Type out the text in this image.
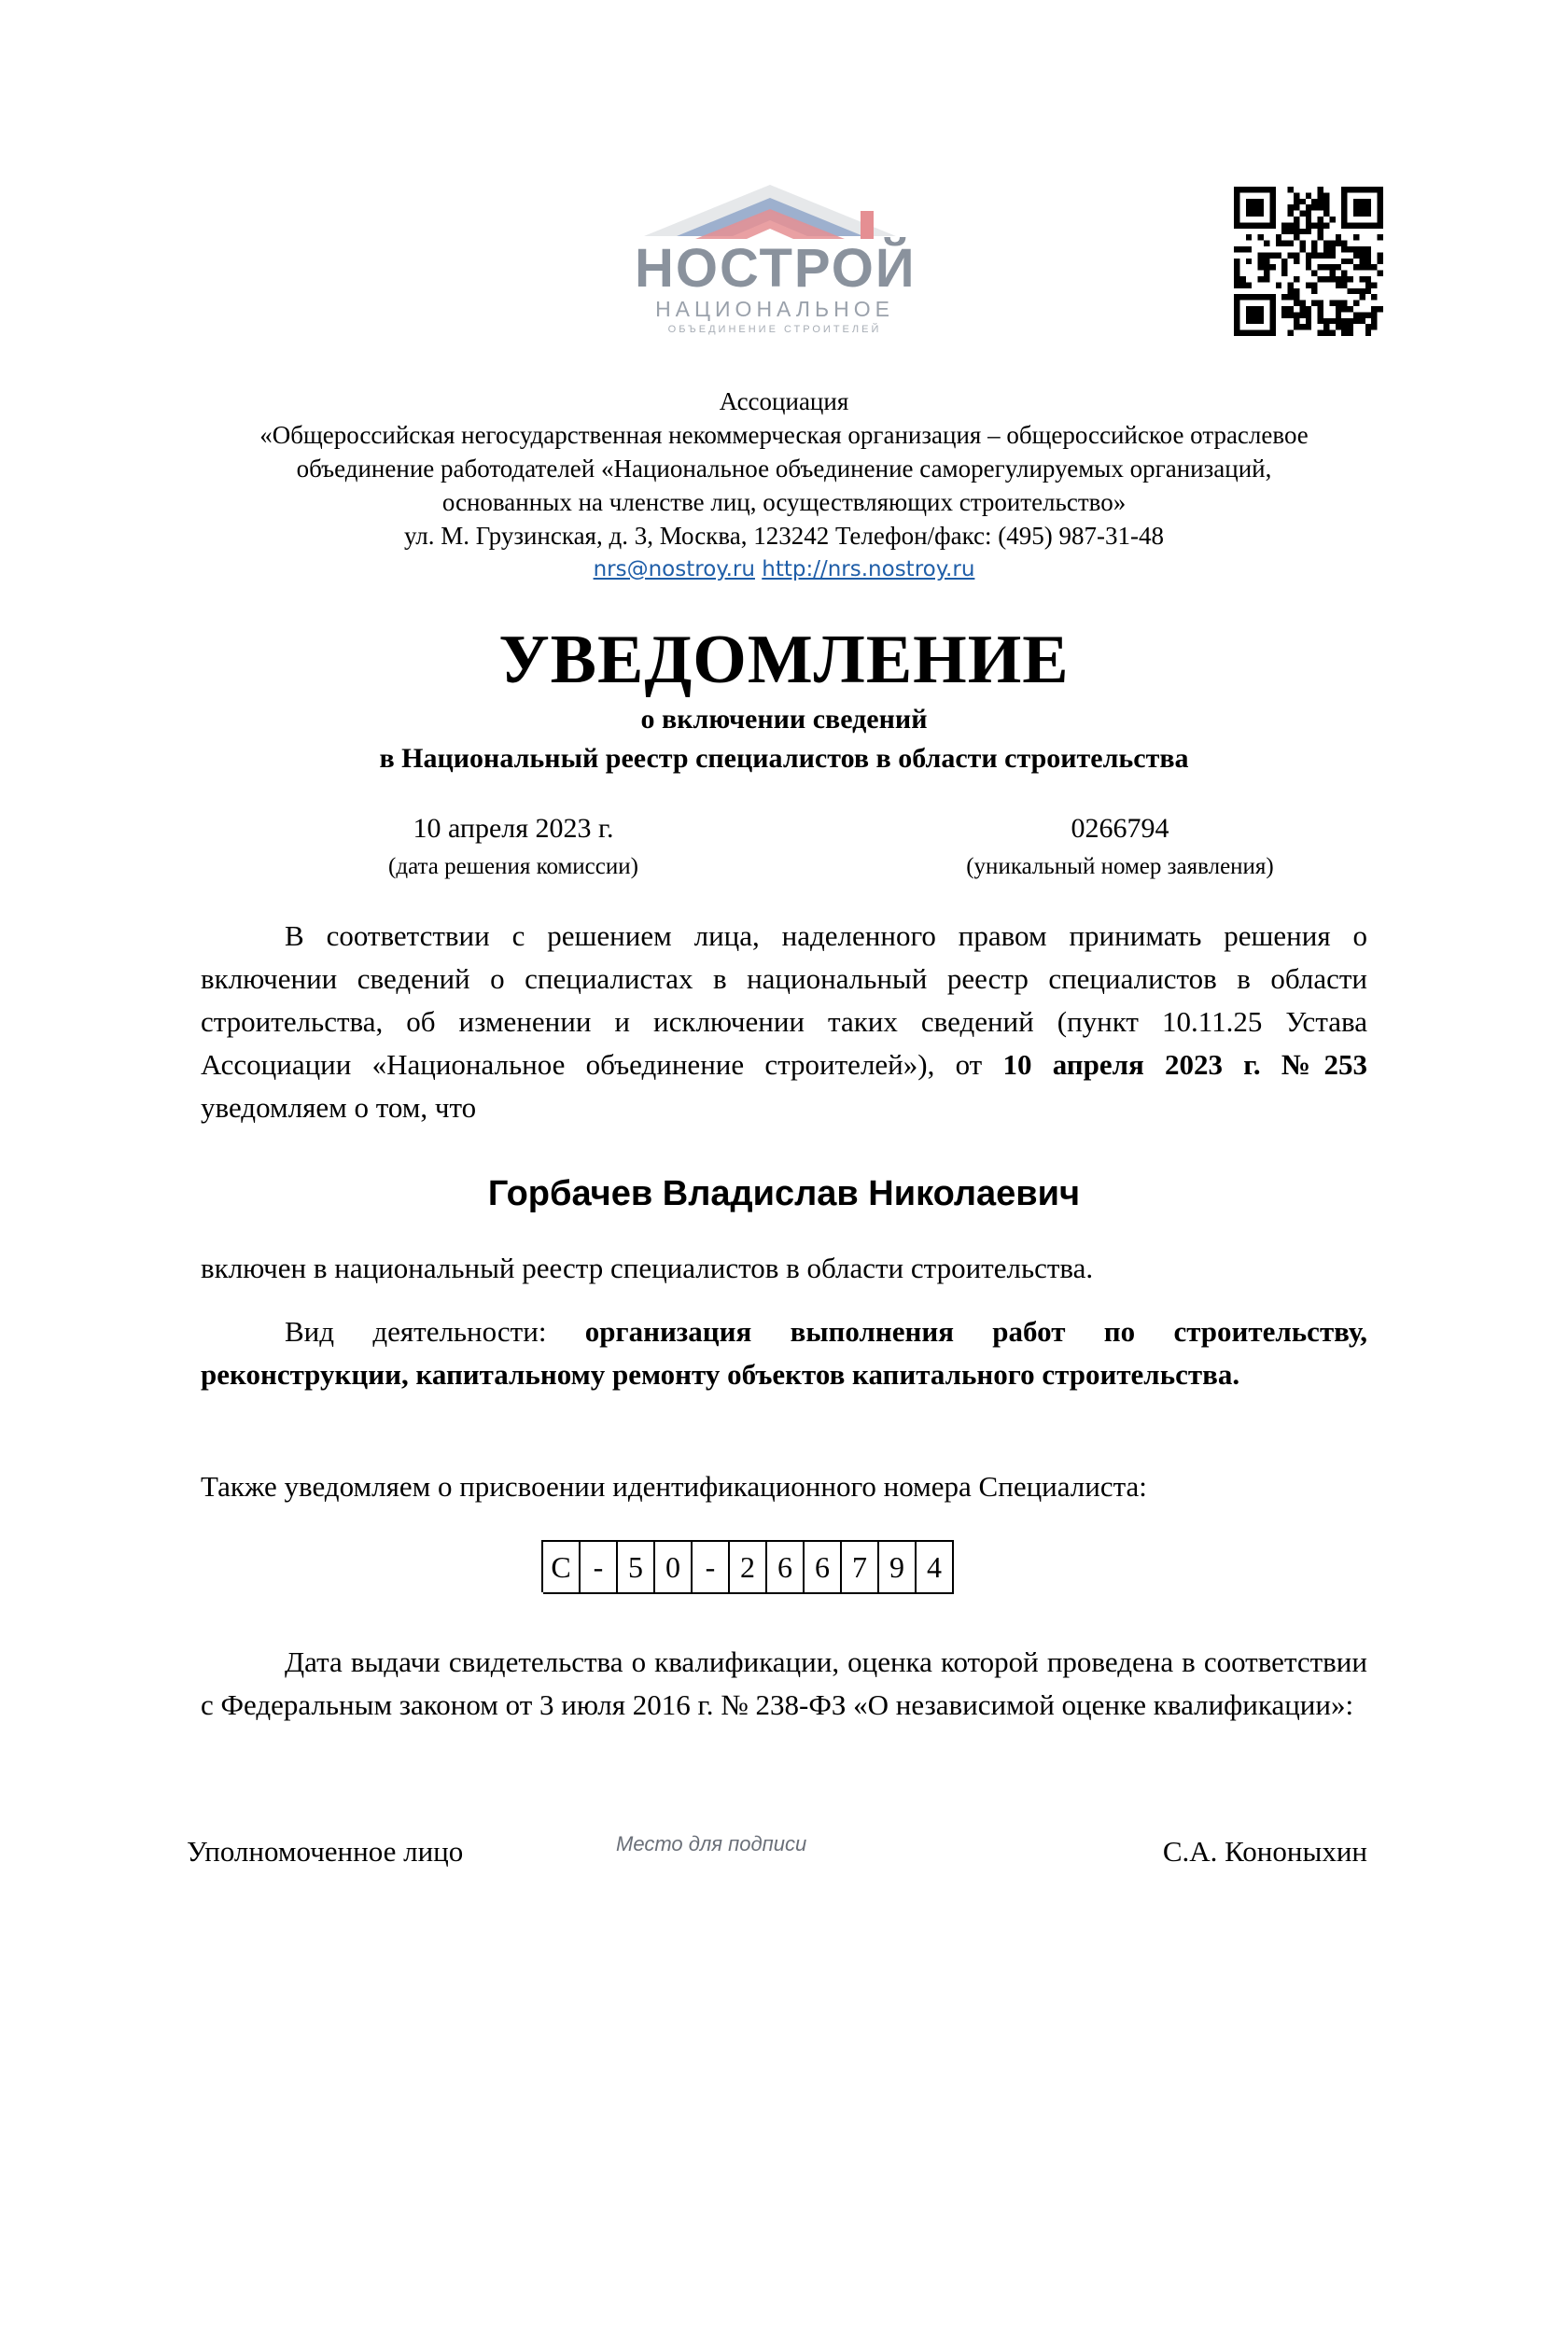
НОСТРОЙ
НАЦИОНАЛЬНОЕ
ОБЪЕДИНЕНИЕ СТРОИТЕЛЕЙ
Ассоциация
«Общероссийская негосударственная некоммерческая организация – общероссийское отраслевое
объединение работодателей «Национальное объединение саморегулируемых организаций,
основанных на членстве лиц, осуществляющих строительство»
ул. М. Грузинская, д. 3, Москва, 123242 Телефон/факс: (495) 987-31-48
nrs@nostroy.ru http://nrs.nostroy.ru
УВЕДОМЛЕНИЕ
о включении сведений
в Национальный реестр специалистов в области строительства
10 апреля 2023 г.
(дата решения комиссии)
0266794
(уникальный номер заявления)
В соответствии с решением лица, наделенного правом принимать решения о включении сведений о специалистах в национальный реестр специалистов в области строительства, об изменении и исключении таких сведений (пункт 10.11.25 Устава Ассоциации «Национальное объединение строителей»), от 10 апреля 2023 г. №253 уведомляем о том, что
Горбачев Владислав Николаевич
включен в национальный реестр специалистов в области строительства.
Вид деятельности: организация выполнения работ по строительству, реконструкции, капитальному ремонту объектов капитального строительства.
Также уведомляем о присвоении идентификационного номера Специалиста:
С - 5 0 - 2 6 6 7 9 4
Дата выдачи свидетельства о квалификации, оценка которой проведена в соответствии с Федеральным законом от 3 июля 2016 г. № 238-ФЗ «О независимой оценке квалификации»:
Уполномоченное лицо	Место для подписи	С.А. Кононыхин
